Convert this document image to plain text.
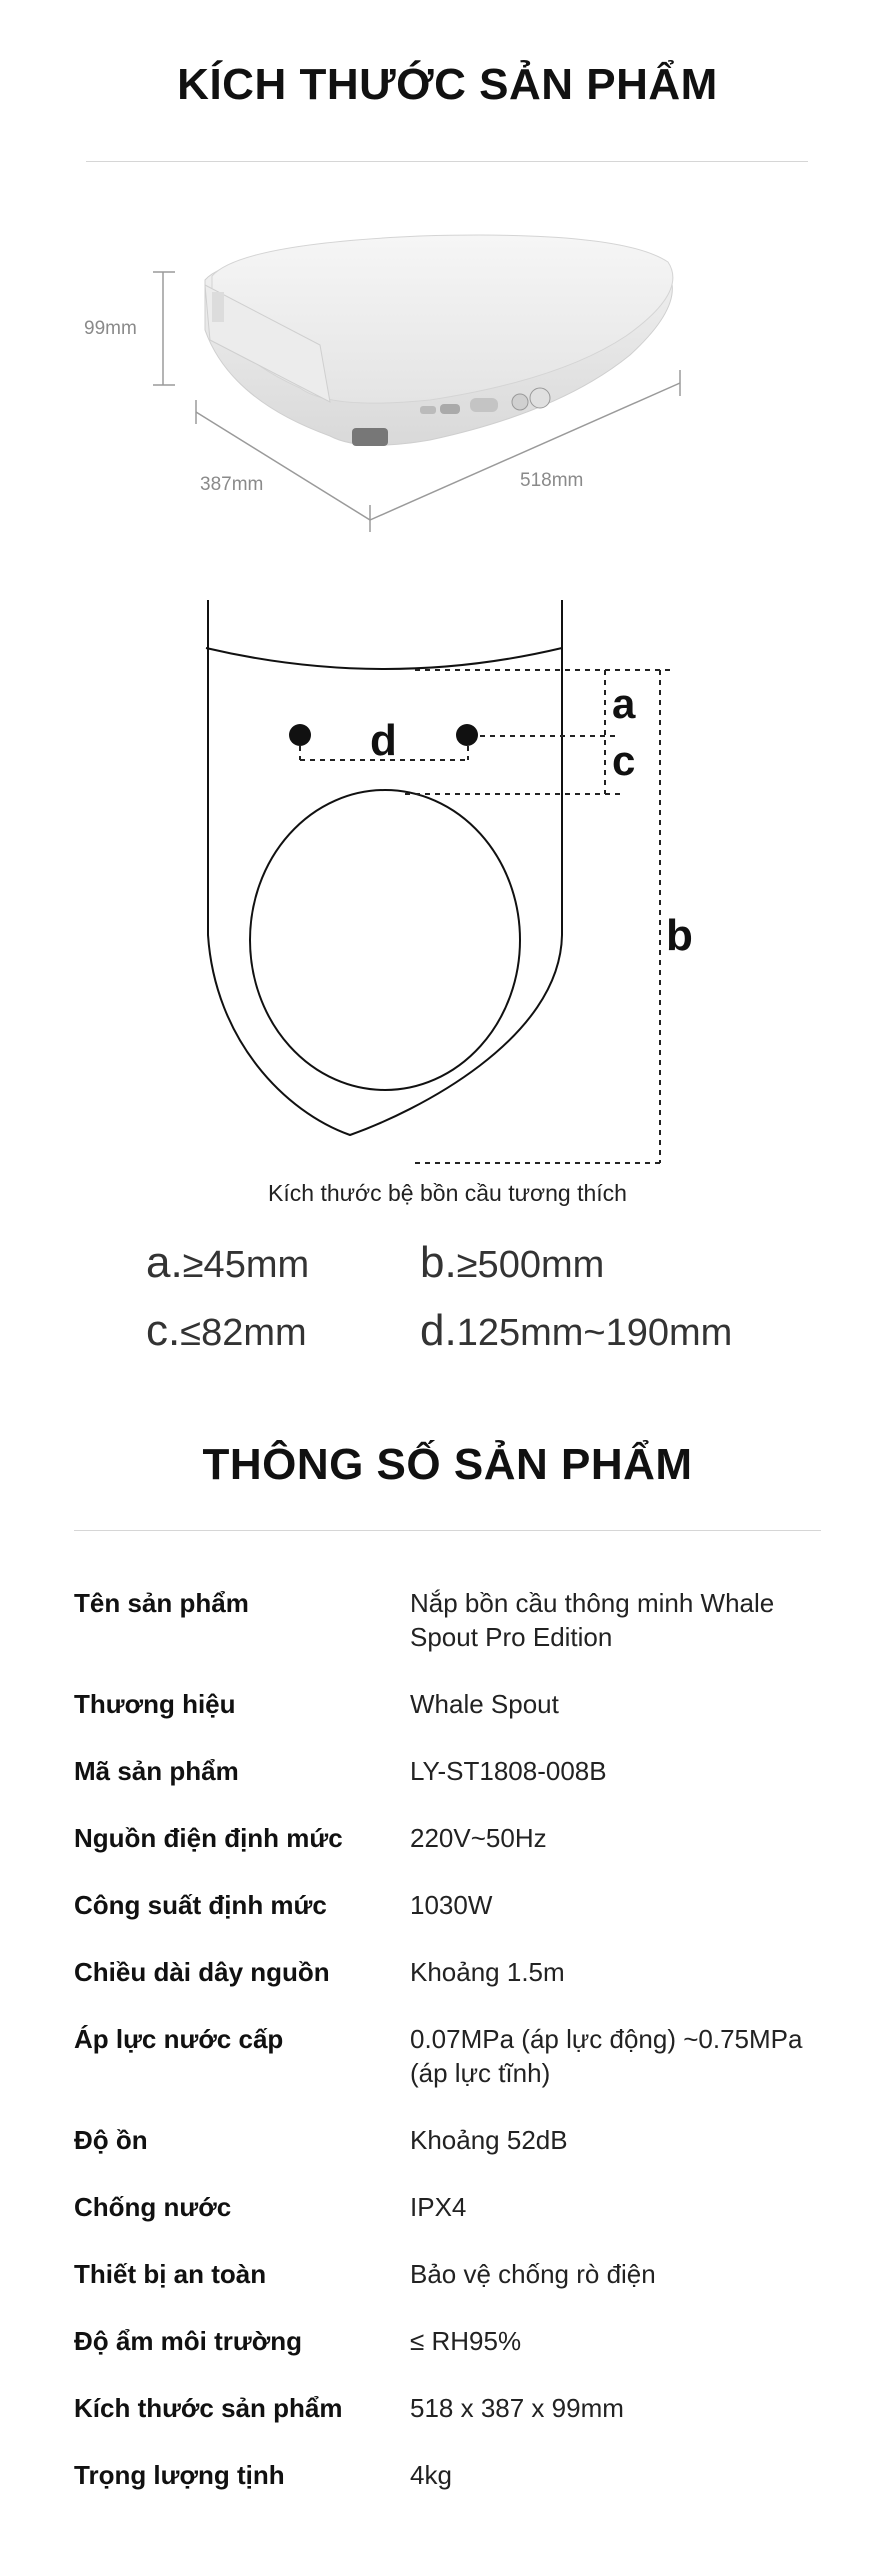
KÍCH THƯỚC SẢN PHẨM
99mm
387mm	518mm
a
c
d
b
Kích thước bệ bồn cầu tương thích
a.≥45mm	b.≥500mm
c.≤82mm	d.125mm~190mm
THÔNG SỐ SẢN PHẨM
Tên sản phẩm	Nắp bồn cầu thông minh Whale Spout Pro Edition
Thương hiệu	Whale Spout
Mã sản phẩm	LY-ST1808-008B
Nguồn điện định mức	220V~50Hz
Công suất định mức	1030W
Chiều dài dây nguồn	Khoảng 1.5m
Áp lực nước cấp	0.07MPa (áp lực động) ~0.75MPa (áp lực tĩnh)
Độ ồn	Khoảng 52dB
Chống nước	IPX4
Thiết bị an toàn	Bảo vệ chống rò điện
Độ ẩm môi trường	≤ RH95%
Kích thước sản phẩm	518 x 387 x 99mm
Trọng lượng tịnh	4kg
